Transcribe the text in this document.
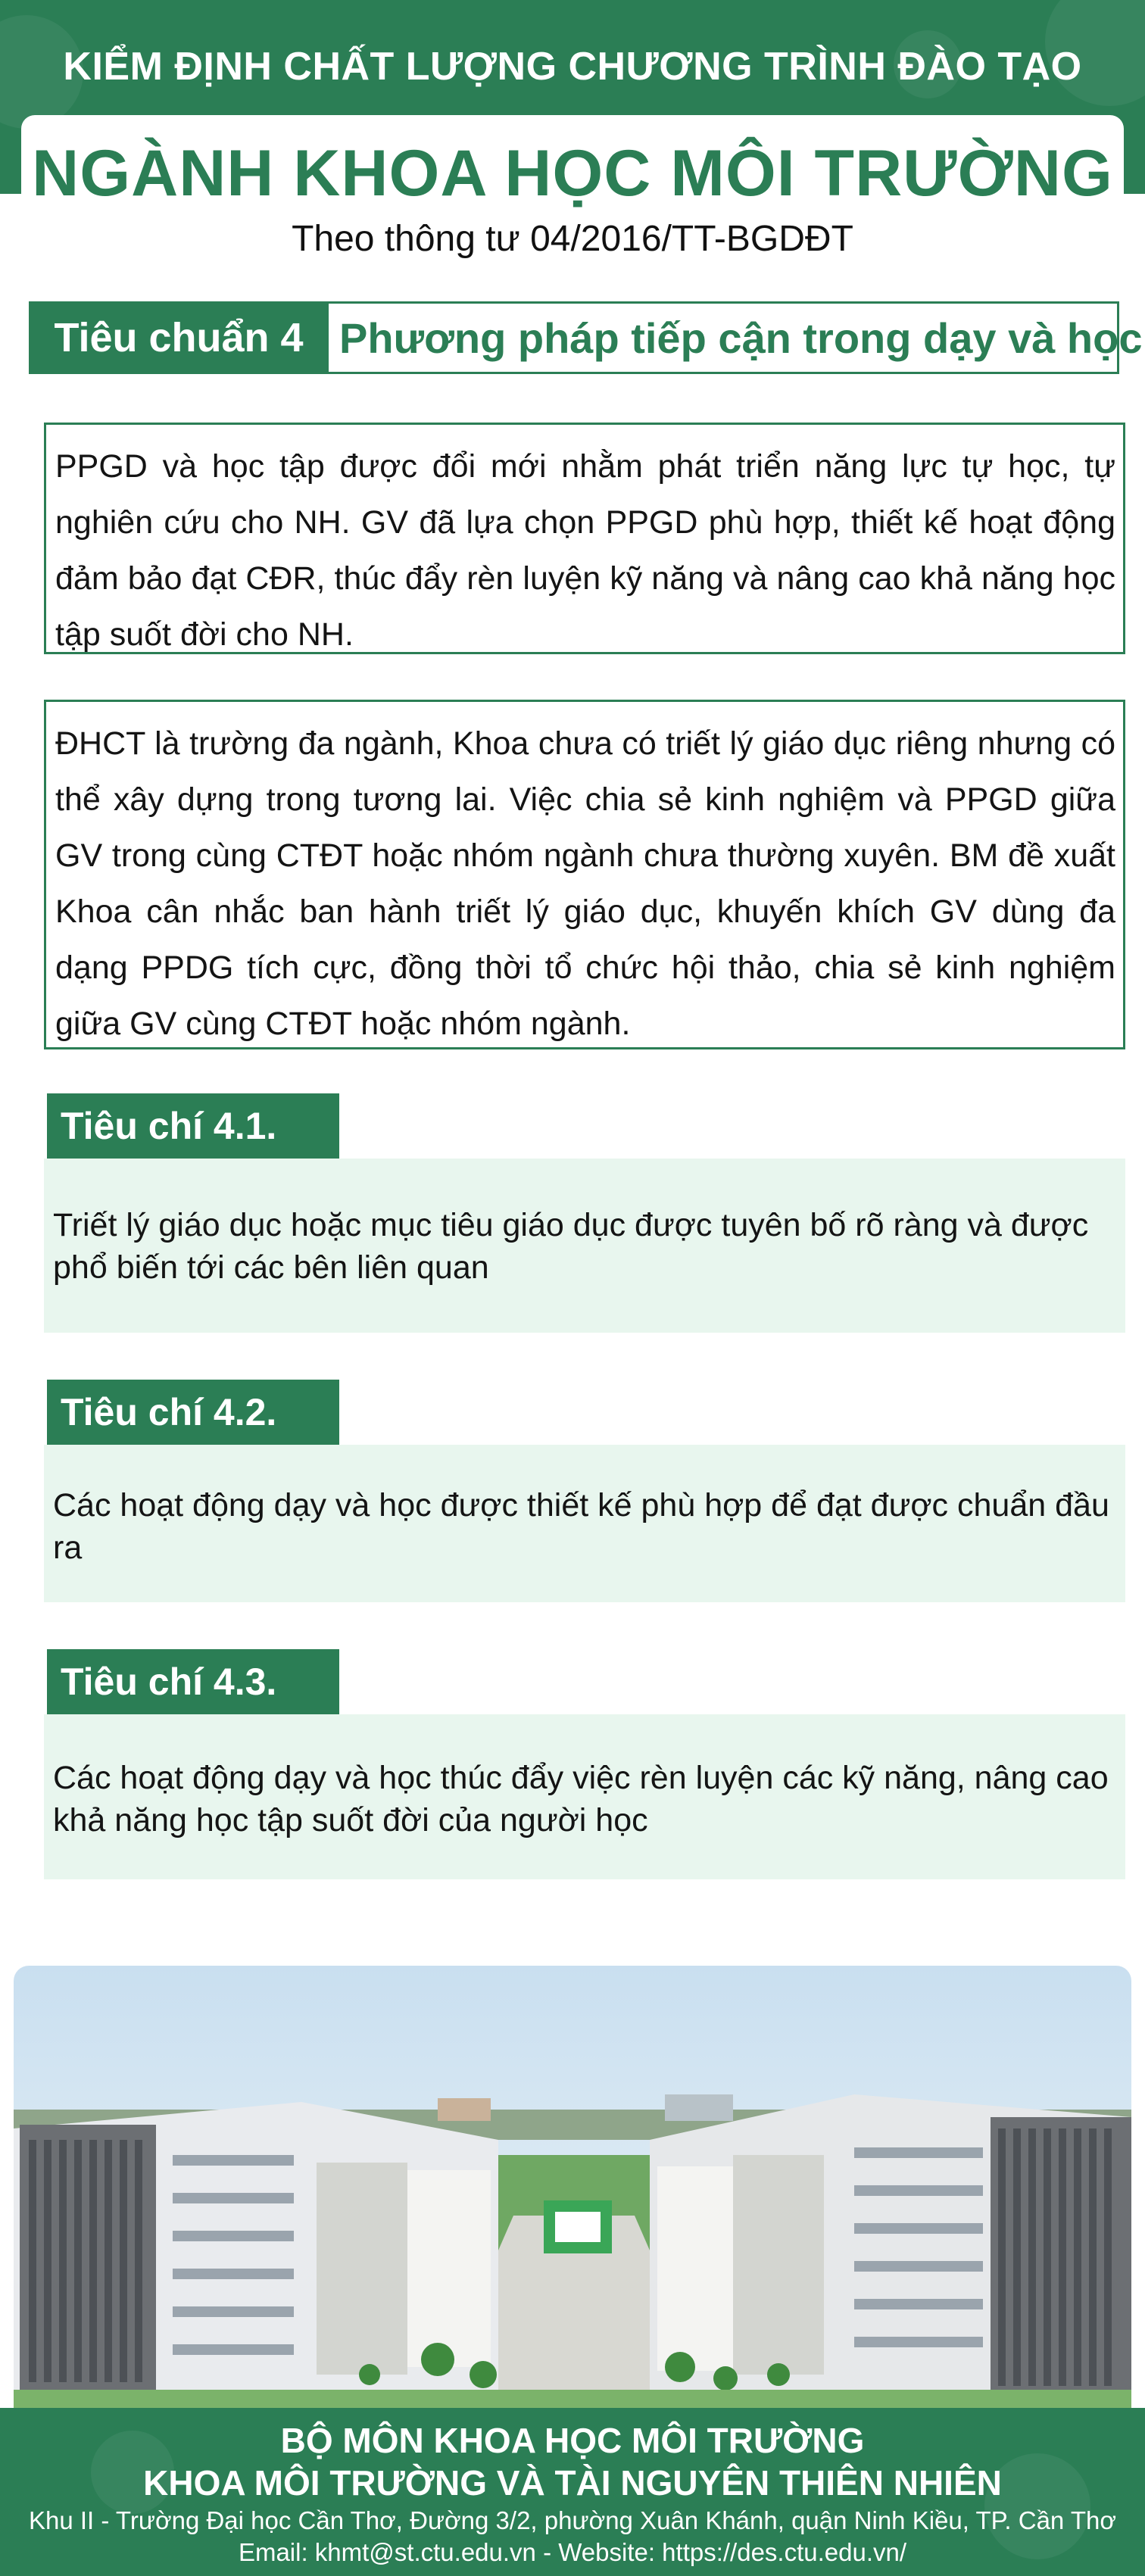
KIỂM ĐỊNH CHẤT LƯỢNG CHƯƠNG TRÌNH ĐÀO TẠO
NGÀNH KHOA HỌC MÔI TRƯỜNG
Theo thông tư 04/2016/TT-BGDĐT
Tiêu chuẩn 4 Phương pháp tiếp cận trong dạy và học
PPGD và học tập được đổi mới nhằm phát triển năng lực tự học, tự nghiên cứu cho NH. GV đã lựa chọn PPGD phù hợp, thiết kế hoạt động đảm bảo đạt CĐR, thúc đẩy rèn luyện kỹ năng và nâng cao khả năng học tập suốt đời cho NH.
ĐHCT là trường đa ngành, Khoa chưa có triết lý giáo dục riêng nhưng có thể xây dựng trong tương lai. Việc chia sẻ kinh nghiệm và PPGD giữa GV trong cùng CTĐT hoặc nhóm ngành chưa thường xuyên. BM đề xuất Khoa cân nhắc ban hành triết lý giáo dục, khuyến khích GV dùng đa dạng PPDG tích cực, đồng thời tổ chức hội thảo, chia sẻ kinh nghiệm giữa GV cùng CTĐT hoặc nhóm ngành.
Tiêu chí 4.1.
Triết lý giáo dục hoặc mục tiêu giáo dục được tuyên bố rõ ràng và được phổ biến tới các bên liên quan
Tiêu chí 4.2.
Các hoạt động dạy và học được thiết kế phù hợp để đạt được chuẩn đầu ra
Tiêu chí 4.3.
Các hoạt động dạy và học thúc đẩy việc rèn luyện các kỹ năng, nâng cao khả năng học tập suốt đời của người học
BỘ MÔN KHOA HỌC MÔI TRƯỜNG
KHOA MÔI TRƯỜNG VÀ TÀI NGUYÊN THIÊN NHIÊN
Khu II - Trường Đại học Cần Thơ, Đường 3/2, phường Xuân Khánh, quận Ninh Kiều, TP. Cần Thơ
Email: khmt@st.ctu.edu.vn - Website: https://des.ctu.edu.vn/
